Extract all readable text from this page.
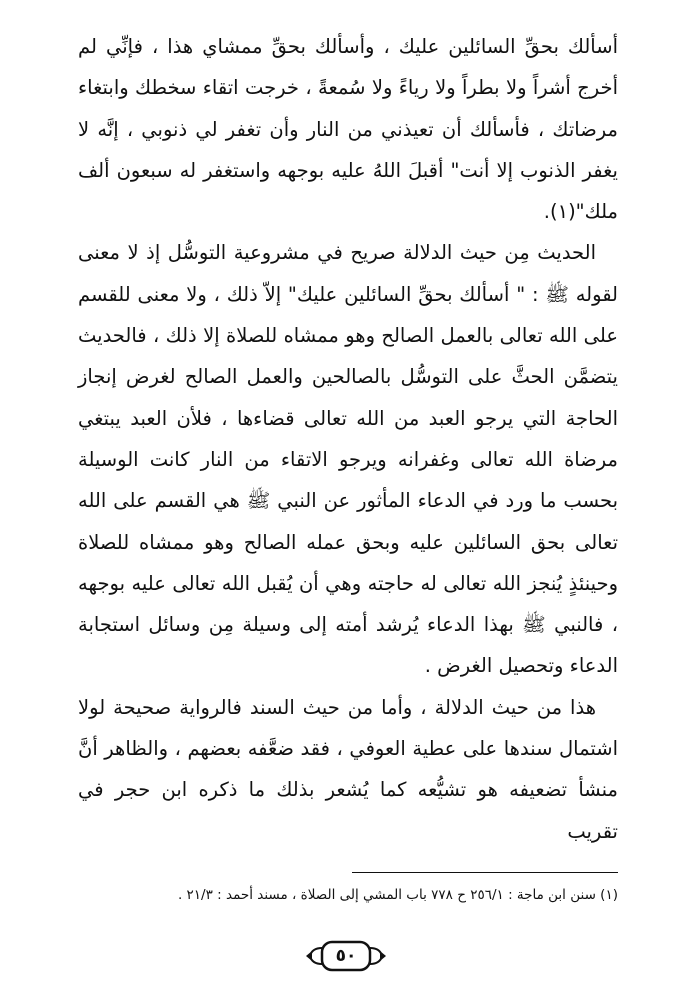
أسألك بحقِّ السائلين عليك ، وأسألك بحقِّ ممشاي هذا ، فإنِّي لم أخرج أشراً ولا بطراً ولا رياءً ولا سُمعةً ، خرجت اتقاء سخطك وابتغاء مرضاتك ، فأسألك أن تعيذني من النار وأن تغفر لي ذنوبي ، إنَّه لا يغفر الذنوب إلا أنت" أقبلَ اللهُ عليه بوجهه واستغفر له سبعون ألف ملك"(١).

الحديث مِن حيث الدلالة صريح في مشروعية التوسُّل إذ لا معنى لقوله ﷺ : " أسألك بحقِّ السائلين عليك" إلاّ ذلك ، ولا معنى للقسم على الله تعالى بالعمل الصالح وهو ممشاه للصلاة إلا ذلك ، فالحديث يتضمَّن الحثَّ على التوسُّل بالصالحين والعمل الصالح لغرض إنجاز الحاجة التي يرجو العبد من الله تعالى قضاءها ، فلأن العبد يبتغي مرضاة الله تعالى وغفرانه ويرجو الاتقاء من النار كانت الوسيلة بحسب ما ورد في الدعاء المأثور عن النبي ﷺ هي القسم على الله تعالى بحق السائلين عليه وبحق عمله الصالح وهو ممشاه للصلاة وحينئذٍ يُنجز الله تعالى له حاجته وهي أن يُقبل الله تعالى عليه بوجهه ، فالنبي ﷺ بهذا الدعاء يُرشد أمته إلى وسيلة مِن وسائل استجابة الدعاء وتحصيل الغرض .

هذا من حيث الدلالة ، وأما من حيث السند فالرواية صحيحة لولا اشتمال سندها على عطية العوفي ، فقد ضعَّفه بعضهم ، والظاهر أنَّ منشأ تضعيفه هو تشيُّعه كما يُشعر بذلك ما ذكره ابن حجر في تقريب

(١) سنن ابن ماجة : ٢٥٦/١ ح ٧٧٨ باب المشي إلى الصلاة ، مسند أحمد : ٢١/٣ .
٥٠
